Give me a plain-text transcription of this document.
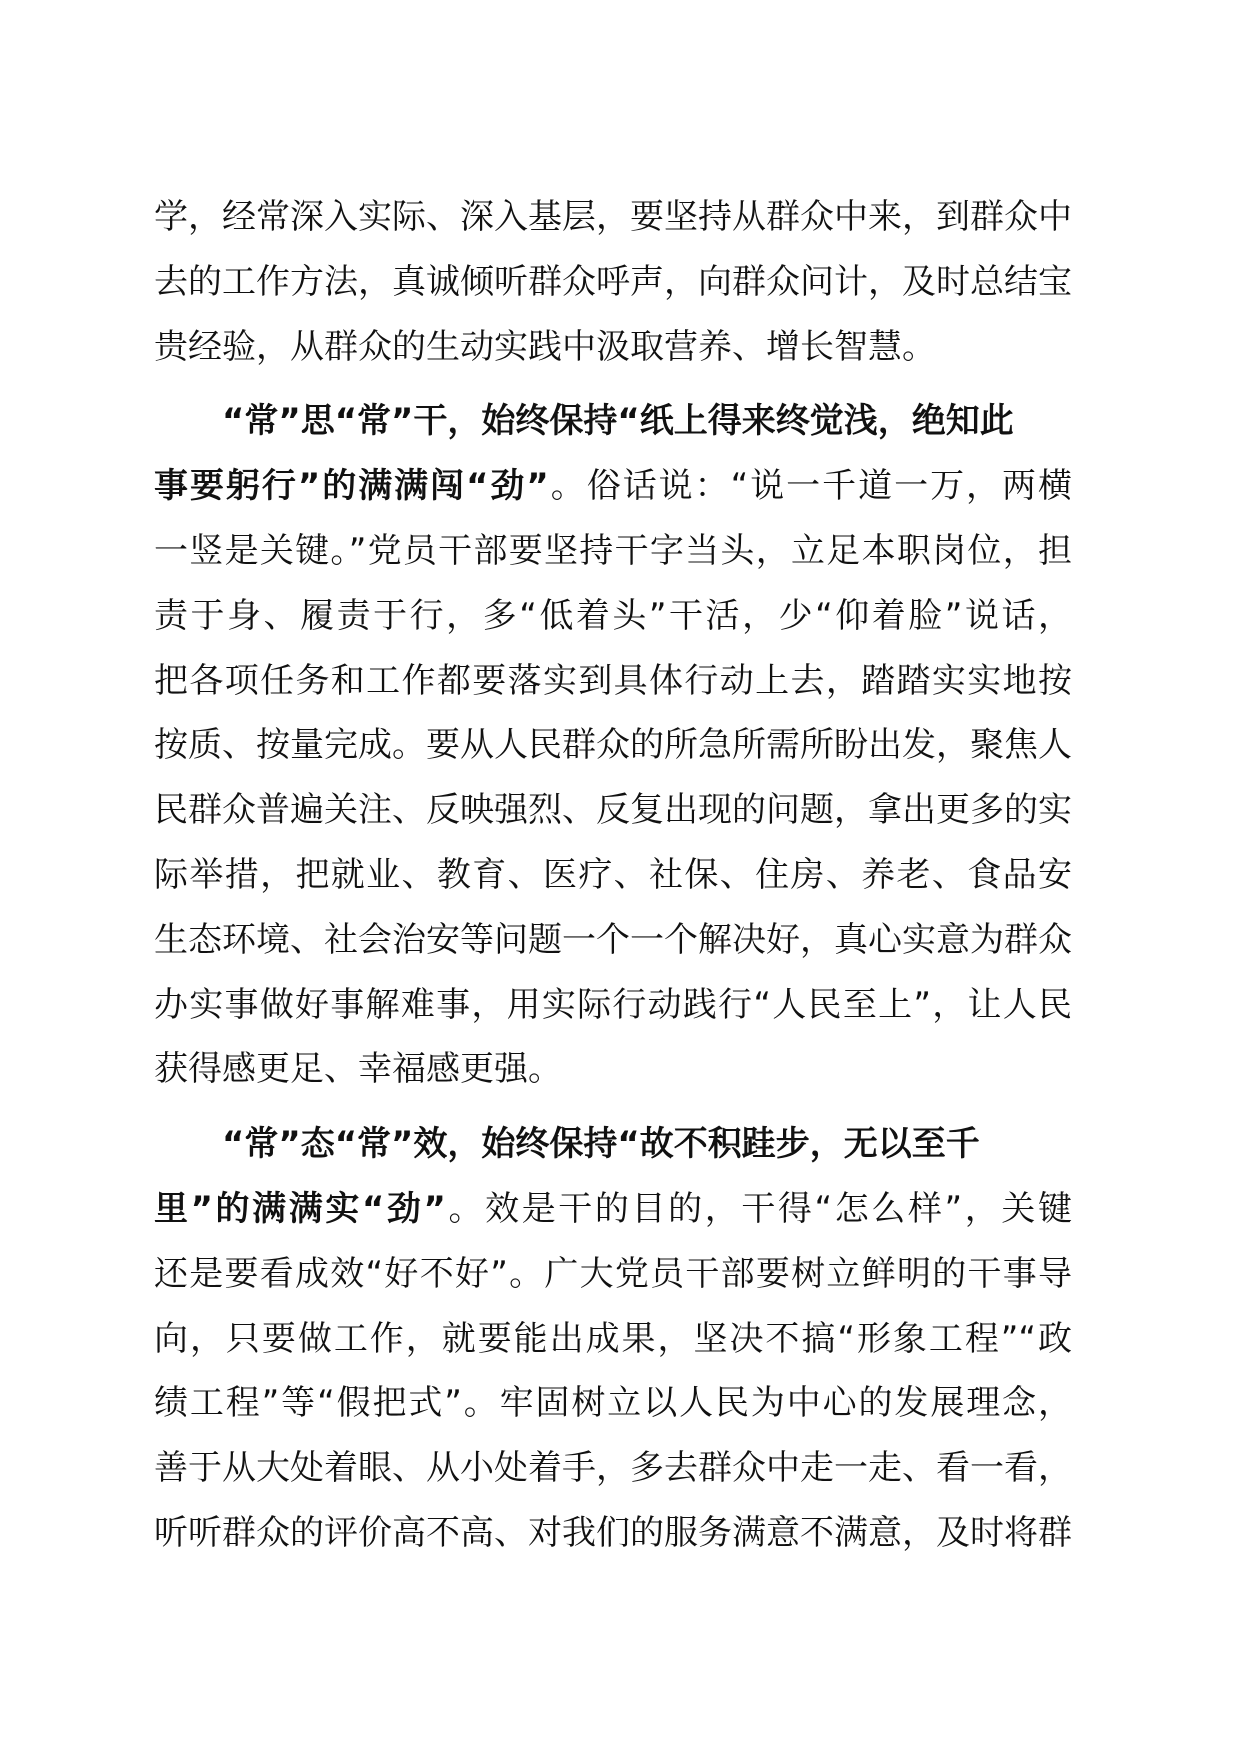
学，经常深入实际、深入基层，要坚持从群众中来，到群众中
去的工作方法，真诚倾听群众呼声，向群众问计，及时总结宝
贵经验，从群众的生动实践中汲取营养、增长智慧。
“常”思“常”干，始终保持“纸上得来终觉浅，绝知此
事要躬行”的满满闯“劲”。俗话说：“说一千道一万，两横
一竖是关键。”党员干部要坚持干字当头，立足本职岗位，担
责于身、履责于行，多“低着头”干活，少“仰着脸”说话，
把各项任务和工作都要落实到具体行动上去，踏踏实实地按
按质、按量完成。要从人民群众的所急所需所盼出发，聚焦人
民群众普遍关注、反映强烈、反复出现的问题，拿出更多的实
际举措，把就业、教育、医疗、社保、住房、养老、食品安
生态环境、社会治安等问题一个一个解决好，真心实意为群众
办实事做好事解难事，用实际行动践行“人民至上”，让人民
获得感更足、幸福感更强。
“常”态“常”效，始终保持“故不积跬步，无以至千
里”的满满实“劲”。效是干的目的，干得“怎么样”，关键
还是要看成效“好不好”。广大党员干部要树立鲜明的干事导
向，只要做工作，就要能出成果，坚决不搞“形象工程”“政
绩工程”等“假把式”。牢固树立以人民为中心的发展理念，
善于从大处着眼、从小处着手，多去群众中走一走、看一看，
听听群众的评价高不高、对我们的服务满意不满意，及时将群
